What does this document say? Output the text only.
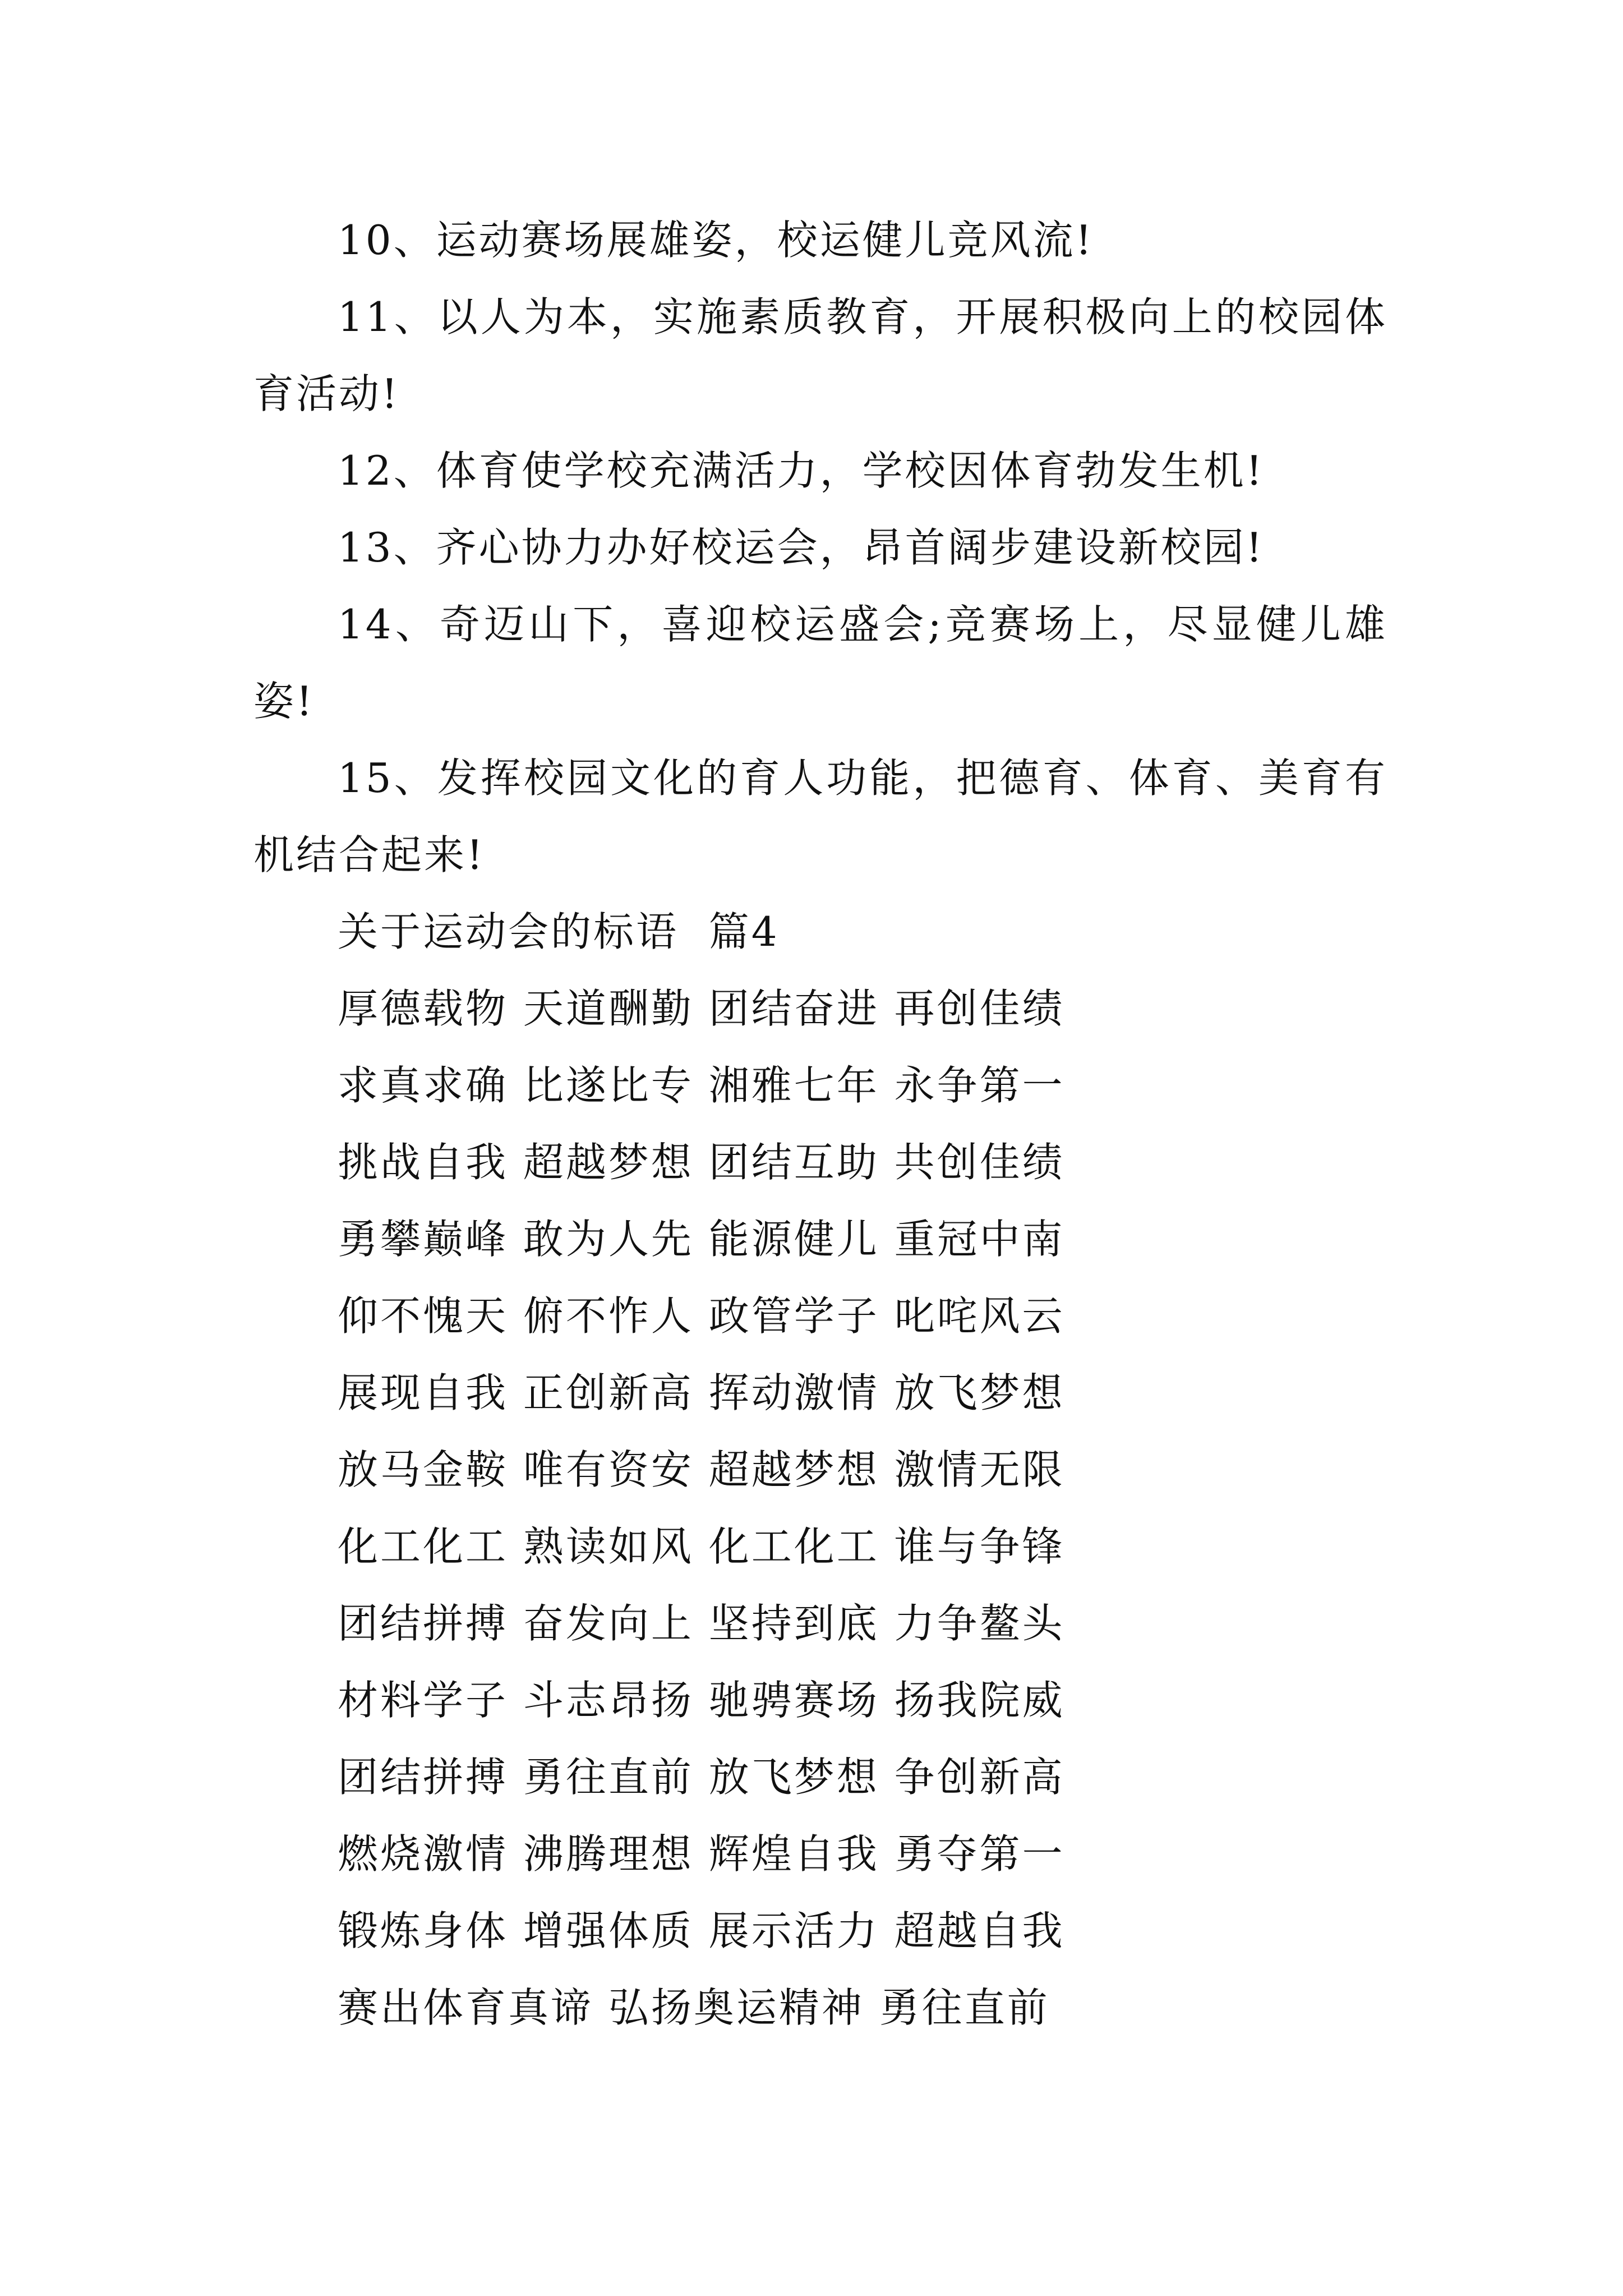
10、运动赛场展雄姿，校运健儿竞风流!

11、以人为本，实施素质教育，开展积极向上的校园体育活动!

12、体育使学校充满活力，学校因体育勃发生机!

13、齐心协力办好校运会，昂首阔步建设新校园!

14、奇迈山下，喜迎校运盛会;竞赛场上，尽显健儿雄姿!

15、发挥校园文化的育人功能，把德育、体育、美育有机结合起来!

关于运动会的标语  篇4

厚德载物 天道酬勤 团结奋进 再创佳绩

求真求确 比遂比专 湘雅七年 永争第一

挑战自我 超越梦想 团结互助 共创佳绩

勇攀巅峰 敢为人先 能源健儿 重冠中南

仰不愧天 俯不怍人 政管学子 叱咤风云

展现自我 正创新高 挥动激情 放飞梦想

放马金鞍 唯有资安 超越梦想 激情无限

化工化工 熟读如风 化工化工 谁与争锋

团结拼搏 奋发向上 坚持到底 力争鳌头

材料学子 斗志昂扬 驰骋赛场 扬我院威

团结拼搏 勇往直前 放飞梦想 争创新高

燃烧激情 沸腾理想 辉煌自我 勇夺第一

锻炼身体 增强体质 展示活力 超越自我

赛出体育真谛 弘扬奥运精神 勇往直前
